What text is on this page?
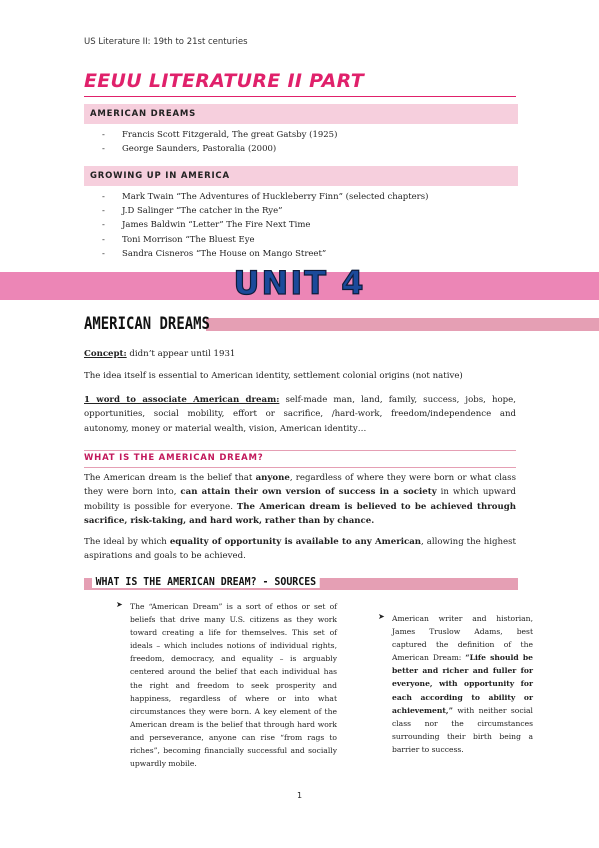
US Literature II: 19th to 21st centuries
EEUU LITERATURE II PART
AMERICAN DREAMS
- Francis Scott Fitzgerald, The great Gatsby (1925)
- George Saunders, Pastoralia (2000)
GROWING UP IN AMERICA
- Mark Twain “The Adventures of Huckleberry Finn” (selected chapters)
- J.D Salinger “The catcher in the Rye”
- James Baldwin “Letter” The Fire Next Time
- Toni Morrison “The Bluest Eye
- Sandra Cisneros “The House on Mango Street”
UNIT 4
AMERICAN DREAMS

Concept: didn’t appear until 1931

The idea itself is essential to American identity, settlement colonial origins (not native)

1 word to associate American dream: self-made man, land, family, success, jobs, hope, opportunities, social mobility, effort or sacrifice, /hard-work, freedom/independence and autonomy, money or material wealth, vision, American identity…

WHAT IS THE AMERICAN DREAM?

The American dream is the belief that anyone, regardless of where they were born or what class they were born into, can attain their own version of success in a society in which upward mobility is possible for everyone. The American dream is believed to be achieved through sacrifice, risk-taking, and hard work, rather than by chance.

The ideal by which equality of opportunity is available to any American, allowing the highest aspirations and goals to be achieved.

WHAT IS THE AMERICAN DREAM? - SOURCES
➤ The “American Dream” is a sort of ethos or set of beliefs that drive many U.S. citizens as they work toward creating a life for themselves. This set of ideals – which includes notions of individual rights, freedom, democracy, and equality – is arguably centered around the belief that each individual has the right and freedom to seek prosperity and happiness, regardless of where or into what circumstances they were born. A key element of the American dream is the belief that through hard work and perseverance, anyone can rise “from rags to riches”, becoming financially successful and socially upwardly mobile.
➤ American writer and historian, James Truslow Adams, best captured the definition of the American Dream: “Life should be better and richer and fuller for everyone, with opportunity for each according to ability or achievement,” with neither social class nor the circumstances surrounding their birth being a barrier to success.
1
